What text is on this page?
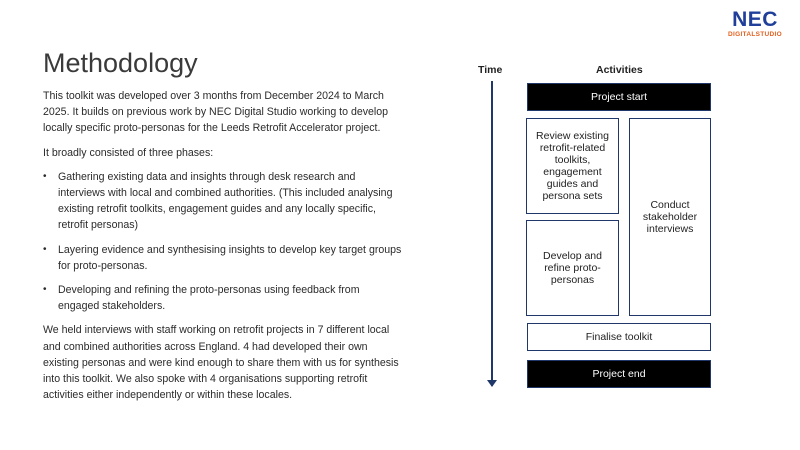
NEC
DIGITALSTUDIO
Methodology

This toolkit was developed over 3 months from December 2024 to March 2025. It builds on previous work by NEC Digital Studio working to develop locally specific proto-personas for the Leeds Retrofit Accelerator project.

It broadly consisted of three phases:

• Gathering existing data and insights through desk research and interviews with local and combined authorities. (This included analysing existing retrofit toolkits, engagement guides and any locally specific, retrofit personas)
• Layering evidence and synthesising insights to develop key target groups for proto-personas.
• Developing and refining the proto-personas using feedback from engaged stakeholders.

We held interviews with staff working on retrofit projects in 7 different local and combined authorities across England. 4 had developed their own existing personas and were kind enough to share them with us for synthesis into this toolkit. We also spoke with 4 organisations supporting retrofit activities either independently or within these locales.

Time	Activities
Project start
Review existing retrofit-related toolkits, engagement guides and persona sets
Develop and refine proto-personas
Conduct stakeholder interviews
Finalise toolkit
Project end
